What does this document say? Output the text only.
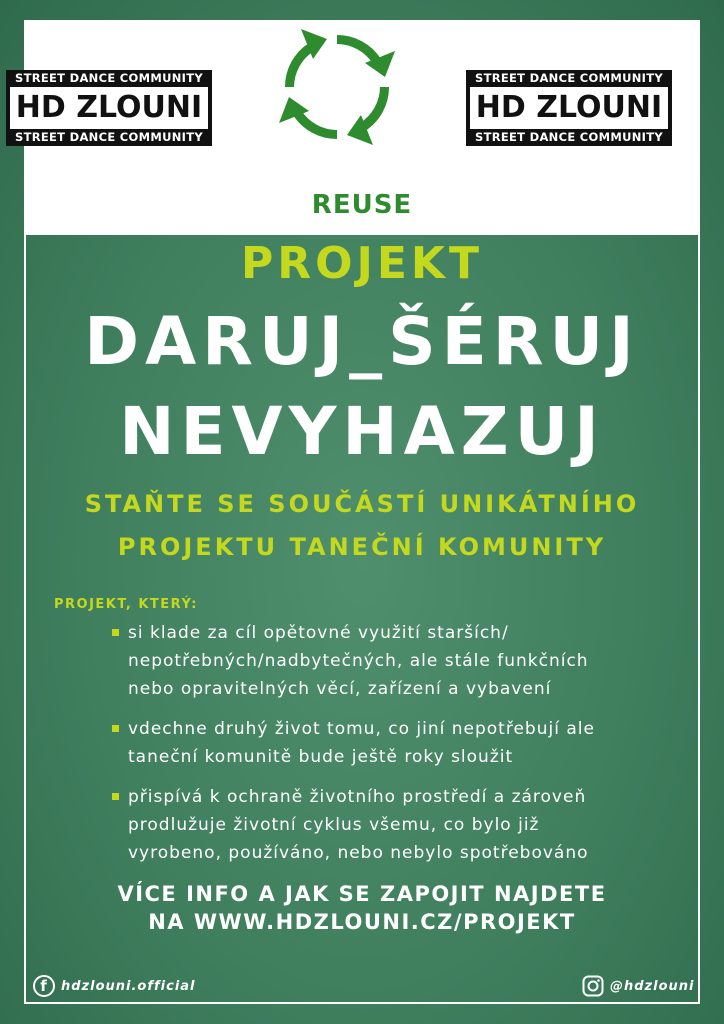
STREET DANCE COMMUNITY
HD ZLOUNI
STREET DANCE COMMUNITY
REUSE
STREET DANCE COMMUNITY
HD ZLOUNI
STREET DANCE COMMUNITY
PROJEKT
DARUJ_ŠÉRUJ
NEVYHAZUJ
STAŇTE SE SOUČÁSTÍ UNIKÁTNÍHO
PROJEKTU TANEČNÍ KOMUNITY
PROJEKT, KTERÝ:
si klade za cíl opětovné využití starších/
nepotřebných/nadbytečných, ale stále funkčních
nebo opravitelných věcí, zařízení a vybavení
vdechne druhý život tomu, co jiní nepotřebují ale
taneční komunitě bude ještě roky sloužit
přispívá k ochraně životního prostředí a zároveň
prodlužuje životní cyklus všemu, co bylo již
vyrobeno, používáno, nebo nebylo spotřebováno
VÍCE INFO A JAK SE ZAPOJIT NAJDETE
NA WWW.HDZLOUNI.CZ/PROJEKT
f	hdzlouni.official	@hdzlouni
